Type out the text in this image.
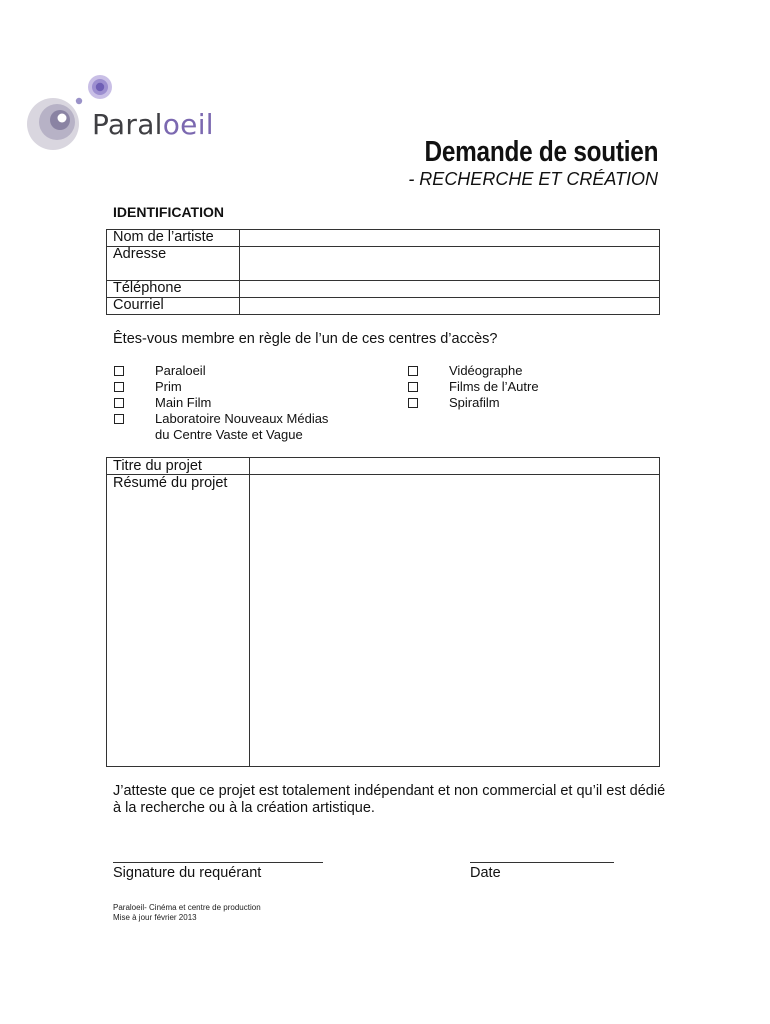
Paraloeil
Demande de soutien
- RECHERCHE ET CRÉATION
IDENTIFICATION
Nom de l’artiste	
Adresse	
Téléphone	
Courriel	
Êtes-vous membre en règle de l’un de ces centres d’accès?
Paraloeil
Prim
Main Film
Laboratoire Nouveaux Médias
du Centre Vaste et Vague
Vidéographe
Films de l’Autre
Spirafilm
Titre du projet	
Résumé du projet	
J’atteste que ce projet est totalement indépendant et non commercial et qu’il est dédié à la recherche ou à la création artistique.
Signature du requérant	Date
Paraloeil- Cinéma et centre de production
Mise à jour février 2013
